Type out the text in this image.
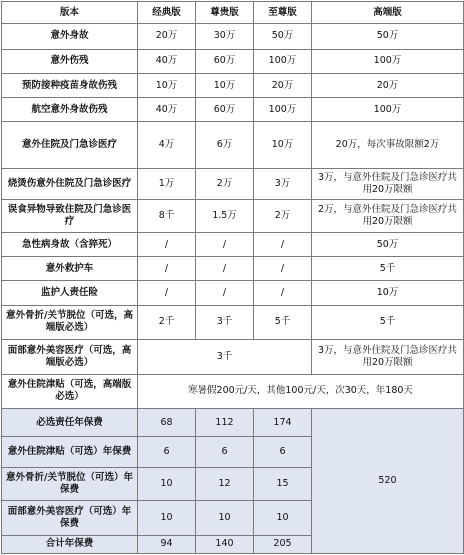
版本	经典版	尊贵版	至尊版	高端版
意外身故	20万	30万	50万	50万
意外伤残	40万	60万	100万	100万
预防接种疫苗身故伤残	10万	10万	20万	20万
航空意外身故伤残	40万	60万	100万	100万
意外住院及门急诊医疗	4万	6万	10万	20万，每次事故限额2万
烧烫伤意外住院及门急诊医疗	1万	2万	3万	3万，与意外住院及门急诊医疗共用20万限额
误食异物导致住院及门急诊医疗	8千	1.5万	2万	2万，与意外住院及门急诊医疗共用20万限额
急性病身故（含猝死）	/	/	/	50万
意外救护车	/	/	/	5千
监护人责任险	/	/	/	10万
意外骨折/关节脱位（可选，高端版必选）	2千	3千	5千	5千
面部意外美容医疗（可选，高端版必选）	3千			3万，与意外住院及门急诊医疗共用20万限额
意外住院津贴（可选，高端版必选）	寒暑假200元/天，其他100元/天，次30天，年180天			
必选责任年保费	68	112	174	520
意外住院津贴（可选）年保费	6	6	6	
意外骨折/关节脱位（可选）年保费	10	12	15	
面部意外美容医疗（可选）年保费	10	10	10	
合计年保费	94	140	205	
